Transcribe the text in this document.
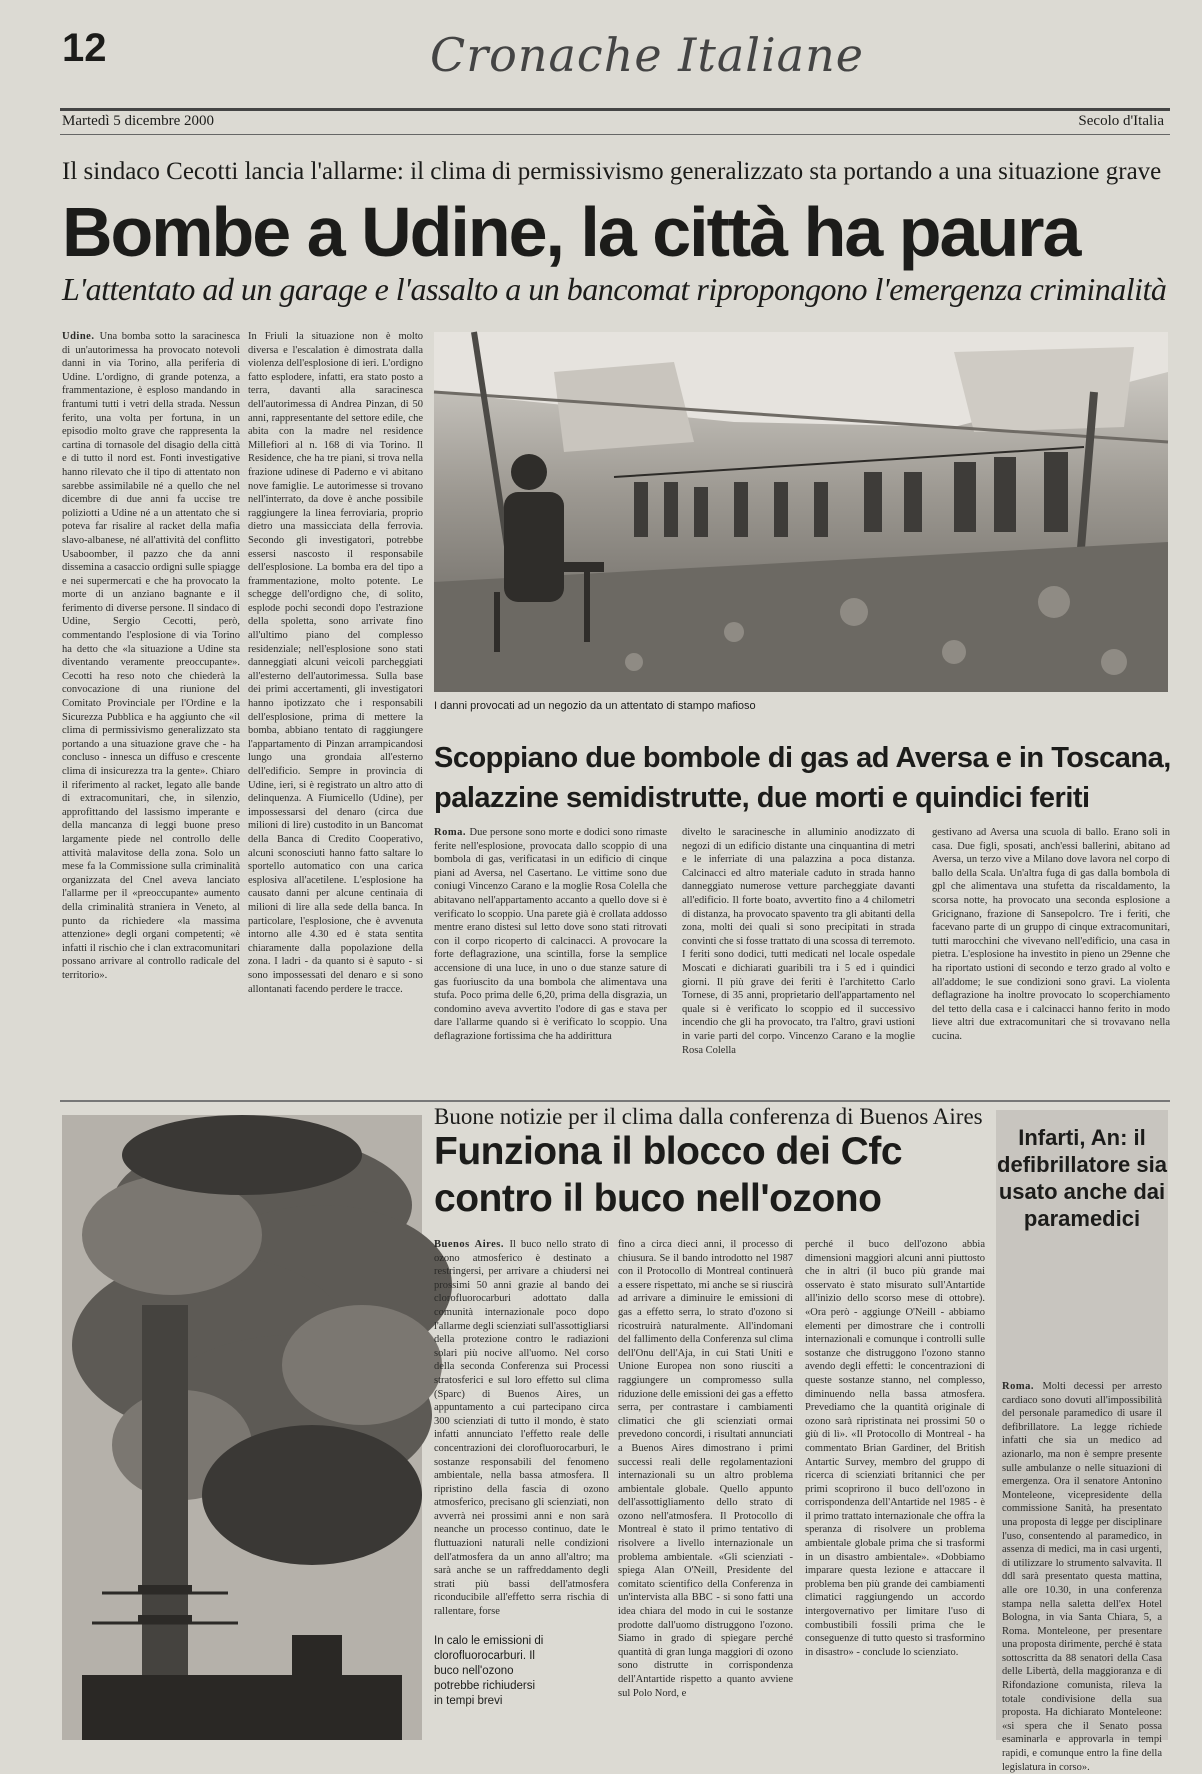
12	Cronache Italiane
Martedì 5 dicembre 2000	Secolo d'Italia
Il sindaco Cecotti lancia l'allarme: il clima di permissivismo generalizzato sta portando a una situazione grave
Bombe a Udine, la città ha paura
L'attentato ad un garage e l'assalto a un bancomat ripropongono l'emergenza criminalità
Udine. Una bomba sotto la saracinesca di un'autorimessa ha provocato notevoli danni in via Torino, alla periferia di Udine. L'ordigno, di grande potenza, a frammentazione, è esploso mandando in frantumi tutti i vetri della strada. Nessun ferito, una volta per fortuna, in un episodio molto grave che rappresenta la cartina di tornasole del disagio della città e di tutto il nord est. Fonti investigative hanno rilevato che il tipo di attentato non sarebbe assimilabile né a quello che nel dicembre di due anni fa uccise tre poliziotti a Udine né a un attentato che si poteva far risalire al racket della mafia slavo-albanese, né all'attività del conflitto Usaboomber, il pazzo che da anni dissemina a casaccio ordigni sulle spiagge e nei supermercati e che ha provocato la morte di un anziano bagnante e il ferimento di diverse persone. Il sindaco di Udine, Sergio Cecotti, però, commentando l'esplosione di via Torino ha detto che «la situazione a Udine sta diventando veramente preoccupante». Cecotti ha reso noto che chiederà la convocazione di una riunione del Comitato Provinciale per l'Ordine e la Sicurezza Pubblica e ha aggiunto che «il clima di permissivismo generalizzato sta portando a una situazione grave che - ha concluso - innesca un diffuso e crescente clima di insicurezza tra la gente». Chiaro il riferimento al racket, legato alle bande di extracomunitari, che, in silenzio, approfittando del lassismo imperante e della mancanza di leggi buone preso largamente piede nel controllo delle attività malavitose della zona. Solo un mese fa la Commissione sulla criminalità organizzata del Cnel aveva lanciato l'allarme per il «preoccupante» aumento della criminalità straniera in Veneto, al punto da richiedere «la massima attenzione» degli organi competenti; «è infatti il rischio che i clan extracomunitari possano arrivare al controllo radicale del territorio».
In Friuli la situazione non è molto diversa e l'escalation è dimostrata dalla violenza dell'esplosione di ieri. L'ordigno fatto esplodere, infatti, era stato posto a terra, davanti alla saracinesca dell'autorimessa di Andrea Pinzan, di 50 anni, rappresentante del settore edile, che abita con la madre nel residence Millefiori al n. 168 di via Torino. Il Residence, che ha tre piani, si trova nella frazione udinese di Paderno e vi abitano nove famiglie. Le autorimesse si trovano nell'interrato, da dove è anche possibile raggiungere la linea ferroviaria, proprio dietro una massicciata della ferrovia. Secondo gli investigatori, potrebbe essersi nascosto il responsabile dell'esplosione. La bomba era del tipo a frammentazione, molto potente. Le schegge dell'ordigno che, di solito, esplode pochi secondi dopo l'estrazione della spoletta, sono arrivate fino all'ultimo piano del complesso residenziale; nell'esplosione sono stati danneggiati alcuni veicoli parcheggiati all'esterno dell'autorimessa. Sulla base dei primi accertamenti, gli investigatori hanno ipotizzato che i responsabili dell'esplosione, prima di mettere la bomba, abbiano tentato di raggiungere l'appartamento di Pinzan arrampicandosi lungo una grondaia all'esterno dell'edificio. Sempre in provincia di Udine, ieri, si è registrato un altro atto di delinquenza. A Fiumicello (Udine), per impossessarsi del denaro (circa due milioni di lire) custodito in un Bancomat della Banca di Credito Cooperativo, alcuni sconosciuti hanno fatto saltare lo sportello automatico con una carica esplosiva all'acetilene. L'esplosione ha causato danni per alcune centinaia di milioni di lire alla sede della banca. In particolare, l'esplosione, che è avvenuta intorno alle 4.30 ed è stata sentita chiaramente dalla popolazione della zona. I ladri - da quanto si è saputo - si sono impossessati del denaro e si sono allontanati facendo perdere le tracce.
I danni provocati ad un negozio da un attentato di stampo mafioso
Scoppiano due bombole di gas ad Aversa e in Toscana, palazzine semidistrutte, due morti e quindici feriti
Roma. Due persone sono morte e dodici sono rimaste ferite nell'esplosione, provocata dallo scoppio di una bombola di gas, verificatasi in un edificio di cinque piani ad Aversa, nel Casertano. Le vittime sono due coniugi Vincenzo Carano e la moglie Rosa Colella che abitavano nell'appartamento accanto a quello dove si è verificato lo scoppio. Una parete già è crollata addosso mentre erano distesi sul letto dove sono stati ritrovati con il corpo ricoperto di calcinacci. A provocare la forte deflagrazione, una scintilla, forse la semplice accensione di una luce, in uno o due stanze sature di gas fuoriuscito da una bombola che alimentava una stufa. Poco prima delle 6,20, prima della disgrazia, un condomino aveva avvertito l'odore di gas e stava per dare l'allarme quando si è verificato lo scoppio. Una deflagrazione fortissima che ha addirittura
divelto le saracinesche in alluminio anodizzato di negozi di un edificio distante una cinquantina di metri e le inferriate di una palazzina a poca distanza. Calcinacci ed altro materiale caduto in strada hanno danneggiato numerose vetture parcheggiate davanti all'edificio. Il forte boato, avvertito fino a 4 chilometri di distanza, ha provocato spavento tra gli abitanti della zona, molti dei quali si sono precipitati in strada convinti che si fosse trattato di una scossa di terremoto. I feriti sono dodici, tutti medicati nel locale ospedale Moscati e dichiarati guaribili tra i 5 ed i quindici giorni. Il più grave dei feriti è l'architetto Carlo Tornese, di 35 anni, proprietario dell'appartamento nel quale si è verificato lo scoppio ed il successivo incendio che gli ha provocato, tra l'altro, gravi ustioni in varie parti del corpo. Vincenzo Carano e la moglie Rosa Colella
gestivano ad Aversa una scuola di ballo. Erano soli in casa. Due figli, sposati, anch'essi ballerini, abitano ad Aversa, un terzo vive a Milano dove lavora nel corpo di ballo della Scala. Un'altra fuga di gas dalla bombola di gpl che alimentava una stufetta da riscaldamento, la scorsa notte, ha provocato una seconda esplosione a Gricignano, frazione di Sansepolcro. Tre i feriti, che facevano parte di un gruppo di cinque extracomunitari, tutti marocchini che vivevano nell'edificio, una casa in pietra. L'esplosione ha investito in pieno un 29enne che ha riportato ustioni di secondo e terzo grado al volto e all'addome; le sue condizioni sono gravi. La violenta deflagrazione ha inoltre provocato lo scoperchiamento del tetto della casa e i calcinacci hanno ferito in modo lieve altri due extracomunitari che si trovavano nella cucina.
Buone notizie per il clima dalla conferenza di Buenos Aires
Funziona il blocco dei Cfc contro il buco nell'ozono
Buenos Aires. Il buco nello strato di ozono atmosferico è destinato a restringersi, per arrivare a chiudersi nei prossimi 50 anni grazie al bando dei clorofluorocarburi adottato dalla comunità internazionale poco dopo l'allarme degli scienziati sull'assottigliarsi della protezione contro le radiazioni solari più nocive all'uomo. Nel corso della seconda Conferenza sui Processi stratosferici e sul loro effetto sul clima (Sparc) di Buenos Aires, un appuntamento a cui partecipano circa 300 scienziati di tutto il mondo, è stato infatti annunciato l'effetto reale delle concentrazioni dei clorofluorocarburi, le sostanze responsabili del fenomeno ambientale, nella bassa atmosfera. Il ripristino della fascia di ozono atmosferico, precisano gli scienziati, non avverrà nei prossimi anni e non sarà neanche un processo continuo, date le fluttuazioni naturali nelle condizioni dell'atmosfera da un anno all'altro; ma sarà anche se un raffreddamento degli strati più bassi dell'atmosfera riconducibile all'effetto serra rischia di rallentare, forse
In calo le emissioni di clorofluorocarburi. Il buco nell'ozono potrebbe richiudersi in tempi brevi
fino a circa dieci anni, il processo di chiusura. Se il bando introdotto nel 1987 con il Protocollo di Montreal continuerà a essere rispettato, mi anche se si riuscirà ad arrivare a diminuire le emissioni di gas a effetto serra, lo strato d'ozono si ricostruirà naturalmente. All'indomani del fallimento della Conferenza sul clima dell'Onu dell'Aja, in cui Stati Uniti e Unione Europea non sono riusciti a raggiungere un compromesso sulla riduzione delle emissioni dei gas a effetto serra, per contrastare i cambiamenti climatici che gli scienziati ormai prevedono concordi, i risultati annunciati a Buenos Aires dimostrano i primi successi reali delle regolamentazioni internazionali su un altro problema ambientale globale. Quello appunto dell'assottigliamento dello strato di ozono nell'atmosfera. Il Protocollo di Montreal è stato il primo tentativo di risolvere a livello internazionale un problema ambientale. «Gli scienziati - spiega Alan O'Neill, Presidente del comitato scientifico della Conferenza in un'intervista alla BBC - si sono fatti una idea chiara del modo in cui le sostanze prodotte dall'uomo distruggono l'ozono. Siamo in grado di spiegare perché quantità di gran lunga maggiori di ozono sono distrutte in corrispondenza dell'Antartide rispetto a quanto avviene sul Polo Nord, e
perché il buco dell'ozono abbia dimensioni maggiori alcuni anni piuttosto che in altri (il buco più grande mai osservato è stato misurato sull'Antartide all'inizio dello scorso mese di ottobre). «Ora però - aggiunge O'Neill - abbiamo elementi per dimostrare che i controlli internazionali e comunque i controlli sulle sostanze che distruggono l'ozono stanno avendo degli effetti: le concentrazioni di queste sostanze stanno, nel complesso, diminuendo nella bassa atmosfera. Prevediamo che la quantità originale di ozono sarà ripristinata nei prossimi 50 o giù di lì». «Il Protocollo di Montreal - ha commentato Brian Gardiner, del British Antartic Survey, membro del gruppo di ricerca di scienziati britannici che per primi scoprirono il buco dell'ozono in corrispondenza dell'Antartide nel 1985 - è il primo trattato internazionale che offra la speranza di risolvere un problema ambientale globale prima che si trasformi in un disastro ambientale». «Dobbiamo imparare questa lezione e attaccare il problema ben più grande dei cambiamenti climatici raggiungendo un accordo intergovernativo per limitare l'uso di combustibili fossili prima che le conseguenze di tutto questo si trasformino in disastro» - conclude lo scienziato.
Infarti, An: il defibrillatore sia usato anche dai paramedici
Roma. Molti decessi per arresto cardiaco sono dovuti all'impossibilità del personale paramedico di usare il defibrillatore. La legge richiede infatti che sia un medico ad azionarlo, ma non è sempre presente sulle ambulanze o nelle situazioni di emergenza. Ora il senatore Antonino Monteleone, vicepresidente della commissione Sanità, ha presentato una proposta di legge per disciplinare l'uso, consentendo al paramedico, in assenza di medici, ma in casi urgenti, di utilizzare lo strumento salvavita. Il ddl sarà presentato questa mattina, alle ore 10.30, in una conferenza stampa nella saletta dell'ex Hotel Bologna, in via Santa Chiara, 5, a Roma. Monteleone, per presentare una proposta dirimente, perché è stata sottoscritta da 88 senatori della Casa delle Libertà, della maggioranza e di Rifondazione comunista, rileva la totale condivisione della sua proposta. Ha dichiarato Monteleone: «si spera che il Senato possa esaminarla e approvarla in tempi rapidi, e comunque entro la fine della legislatura in corso».
